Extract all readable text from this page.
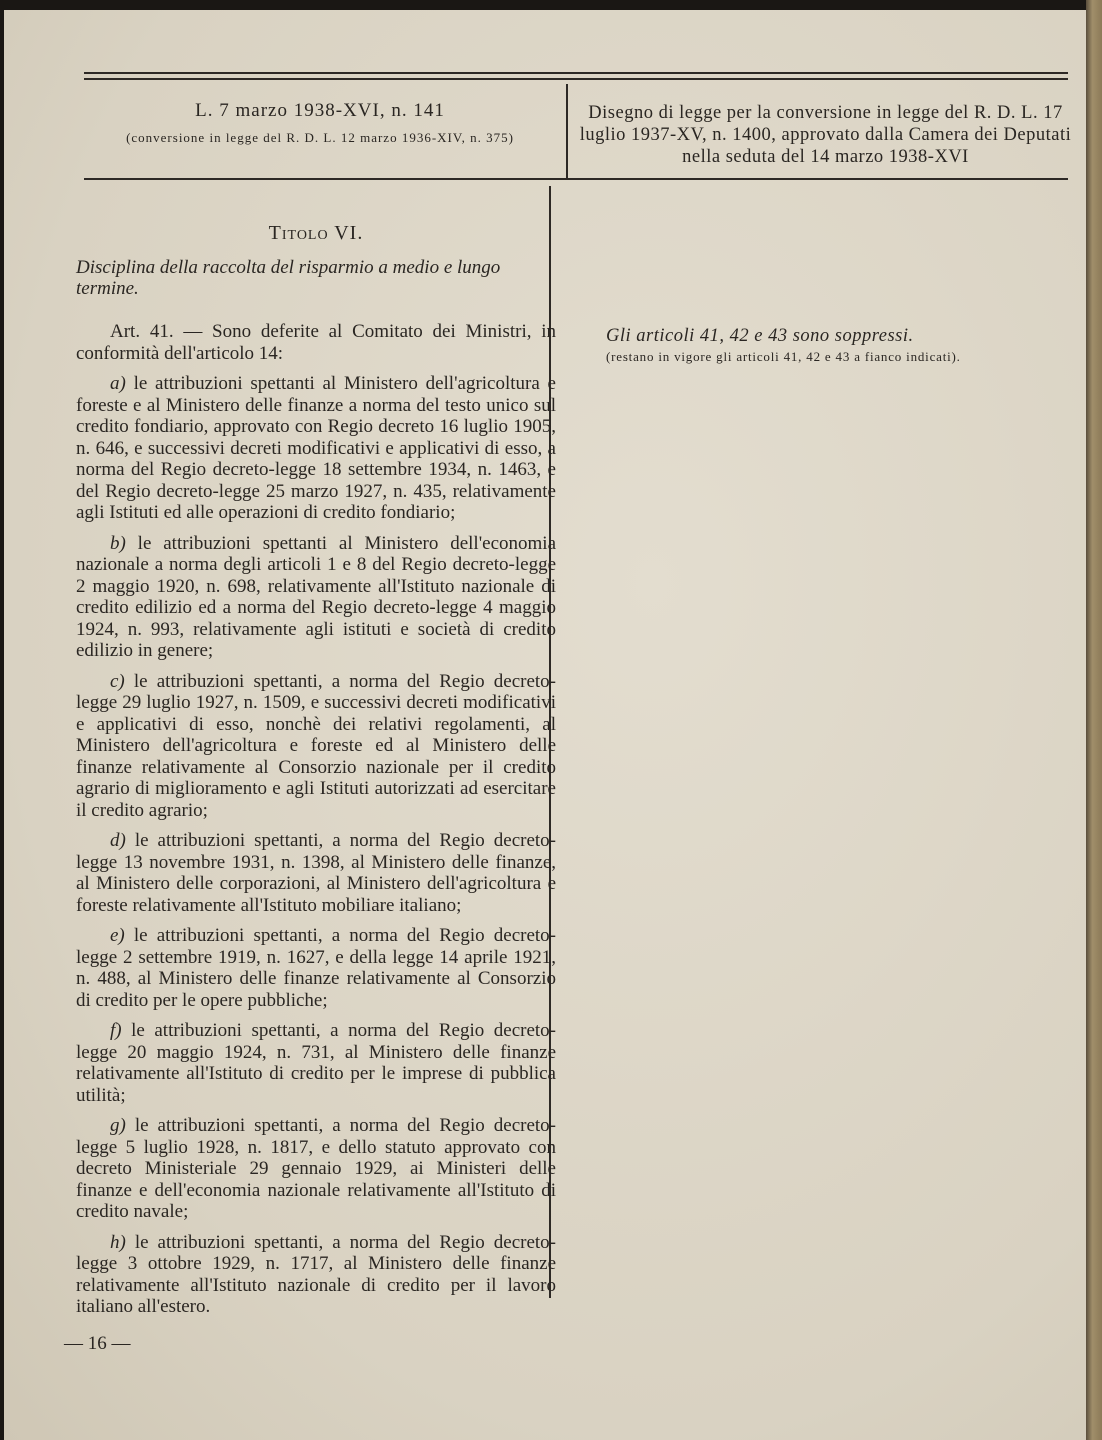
L. 7 marzo 1938-XVI, n. 141
(conversione in legge del R. D. L. 12 marzo 1936-XIV, n. 375)
Disegno di legge per la conversione in legge del R. D. L. 17 luglio 1937-XV, n. 1400, approvato dalla Camera dei Deputati nella seduta del 14 marzo 1938-XVI
Titolo VI.
Disciplina della raccolta del risparmio a medio e lungo termine.

Art. 41. — Sono deferite al Comitato dei Ministri, in conformità dell'articolo 14:

a) le attribuzioni spettanti al Ministero dell'agricoltura e foreste e al Ministero delle finanze a norma del testo unico sul credito fondiario, approvato con Regio decreto 16 luglio 1905, n. 646, e successivi decreti modificativi e applicativi di esso, a norma del Regio decreto-legge 18 settembre 1934, n. 1463, e del Regio decreto-legge 25 marzo 1927, n. 435, relativamente agli Istituti ed alle operazioni di credito fondiario;

b) le attribuzioni spettanti al Ministero dell'economia nazionale a norma degli articoli 1 e 8 del Regio decreto-legge 2 maggio 1920, n. 698, relativamente all'Istituto nazionale di credito edilizio ed a norma del Regio decreto-legge 4 maggio 1924, n. 993, relativamente agli istituti e società di credito edilizio in genere;

c) le attribuzioni spettanti, a norma del Regio decreto-legge 29 luglio 1927, n. 1509, e successivi decreti modificativi e applicativi di esso, nonchè dei relativi regolamenti, al Ministero dell'agricoltura e foreste ed al Ministero delle finanze relativamente al Consorzio nazionale per il credito agrario di miglioramento e agli Istituti autorizzati ad esercitare il credito agrario;

d) le attribuzioni spettanti, a norma del Regio decreto-legge 13 novembre 1931, n. 1398, al Ministero delle finanze, al Ministero delle corporazioni, al Ministero dell'agricoltura e foreste relativamente all'Istituto mobiliare italiano;

e) le attribuzioni spettanti, a norma del Regio decreto-legge 2 settembre 1919, n. 1627, e della legge 14 aprile 1921, n. 488, al Ministero delle finanze relativamente al Consorzio di credito per le opere pubbliche;

f) le attribuzioni spettanti, a norma del Regio decreto-legge 20 maggio 1924, n. 731, al Ministero delle finanze relativamente all'Istituto di credito per le imprese di pubblica utilità;

g) le attribuzioni spettanti, a norma del Regio decreto-legge 5 luglio 1928, n. 1817, e dello statuto approvato con decreto Ministeriale 29 gennaio 1929, ai Ministeri delle finanze e dell'economia nazionale relativamente all'Istituto di credito navale;

h) le attribuzioni spettanti, a norma del Regio decreto-legge 3 ottobre 1929, n. 1717, al Ministero delle finanze relativamente all'Istituto nazionale di credito per il lavoro italiano all'estero.

Gli articoli 41, 42 e 43 sono soppressi.
(restano in vigore gli articoli 41, 42 e 43 a fianco indicati).
— 16 —
